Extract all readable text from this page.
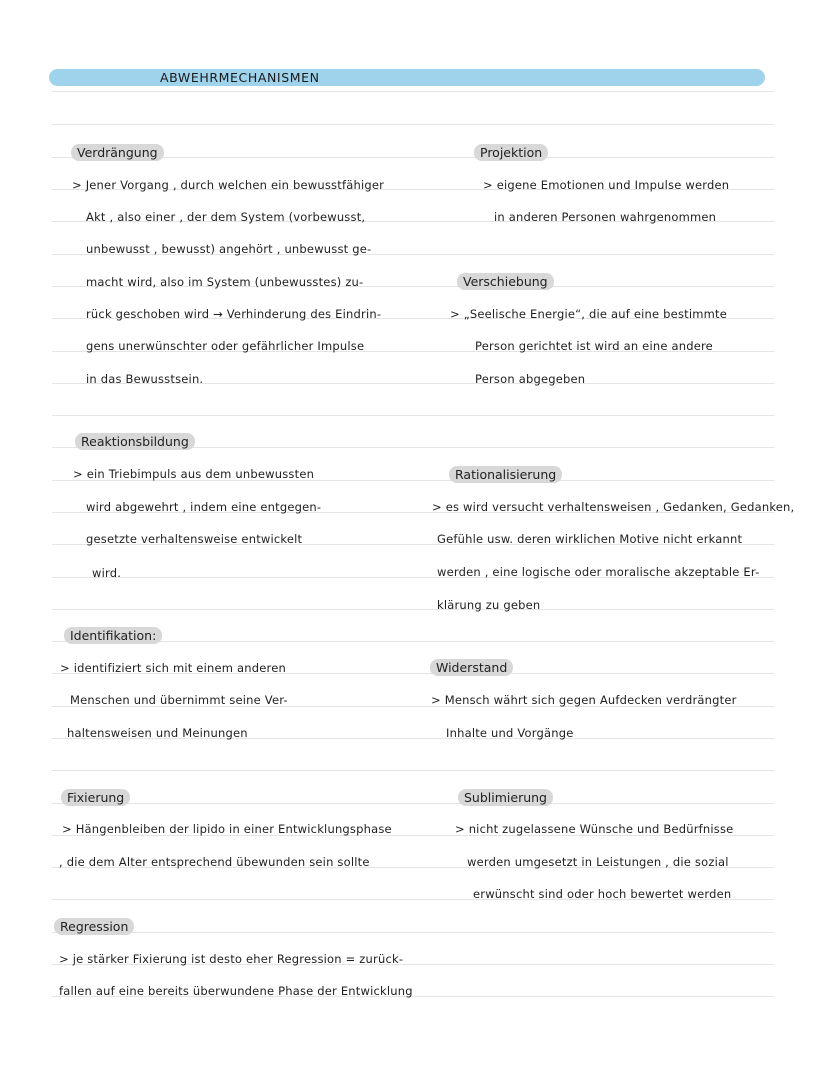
ABWEHRMECHANISMEN
Verdrängung
> Jener Vorgang , durch welchen ein bewusstfähiger
Akt , also einer , der dem System (vorbewusst,
unbewusst , bewusst) angehört , unbewusst ge-
macht wird, also im System (unbewusstes) zu-
rück geschoben wird → Verhinderung des Eindrin-
gens unerwünschter oder gefährlicher Impulse
in das Bewusstsein.
Projektion
> eigene Emotionen und Impulse werden
in anderen Personen wahrgenommen
Verschiebung
> „Seelische Energie“, die auf eine bestimmte
Person gerichtet ist wird an eine andere
Person abgegeben
Reaktionsbildung
> ein Triebimpuls aus dem unbewussten
wird abgewehrt , indem eine entgegen-
gesetzte verhaltensweise entwickelt
wird.
Rationalisierung
> es wird versucht verhaltensweisen , Gedanken, Gedanken,
Gefühle usw. deren wirklichen Motive nicht erkannt
werden , eine logische oder moralische akzeptable Er-
klärung zu geben
Identifikation:
> identifiziert sich mit einem anderen
Menschen und übernimmt seine Ver-
haltensweisen und Meinungen
Widerstand
> Mensch währt sich gegen Aufdecken verdrängter
Inhalte und Vorgänge
Fixierung
> Hängenbleiben der lipido in einer Entwicklungsphase
, die dem Alter entsprechend übewunden sein sollte
Sublimierung
> nicht zugelassene Wünsche und Bedürfnisse
werden umgesetzt in Leistungen , die sozial
erwünscht sind oder hoch bewertet werden
Regression
> je stärker Fixierung ist desto eher Regression = zurück-
fallen auf eine bereits überwundene Phase der Entwicklung
